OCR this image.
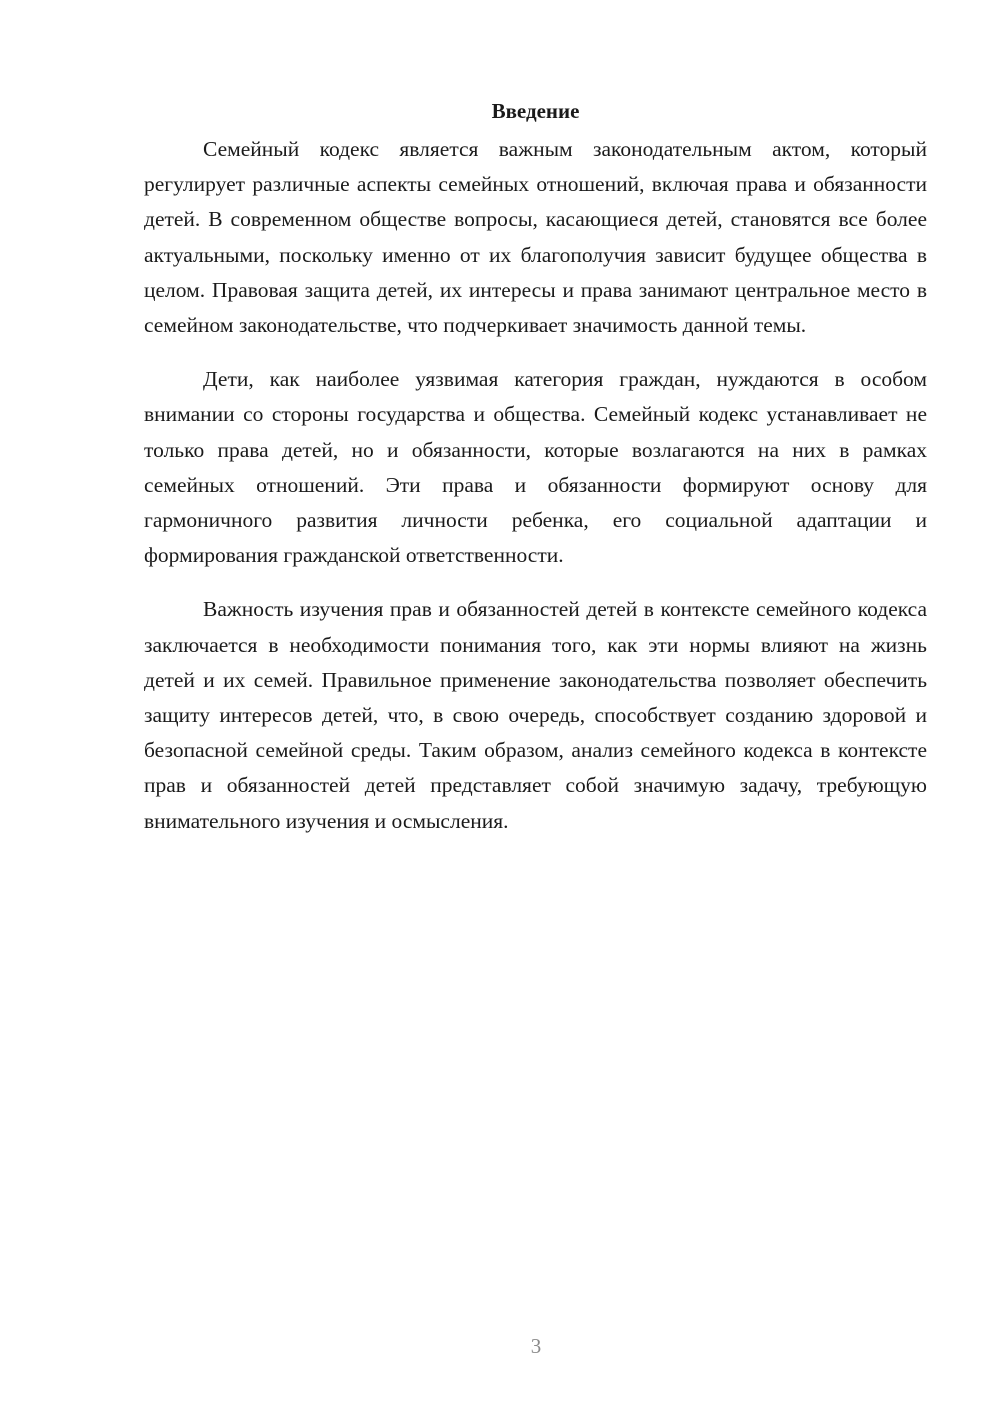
Введение

Семейный кодекс является важным законодательным актом, который регулирует различные аспекты семейных отношений, включая права и обязанности детей. В современном обществе вопросы, касающиеся детей, становятся все более актуальными, поскольку именно от их благополучия зависит будущее общества в целом. Правовая защита детей, их интересы и права занимают центральное место в семейном законодательстве, что подчеркивает значимость данной темы.

Дети, как наиболее уязвимая категория граждан, нуждаются в особом внимании со стороны государства и общества. Семейный кодекс устанавливает не только права детей, но и обязанности, которые возлагаются на них в рамках семейных отношений. Эти права и обязанности формируют основу для гармоничного развития личности ребенка, его социальной адаптации и формирования гражданской ответственности.

Важность изучения прав и обязанностей детей в контексте семейного кодекса заключается в необходимости понимания того, как эти нормы влияют на жизнь детей и их семей. Правильное применение законодательства позволяет обеспечить защиту интересов детей, что, в свою очередь, способствует созданию здоровой и безопасной семейной среды. Таким образом, анализ семейного кодекса в контексте прав и обязанностей детей представляет собой значимую задачу, требующую внимательного изучения и осмысления.

3
